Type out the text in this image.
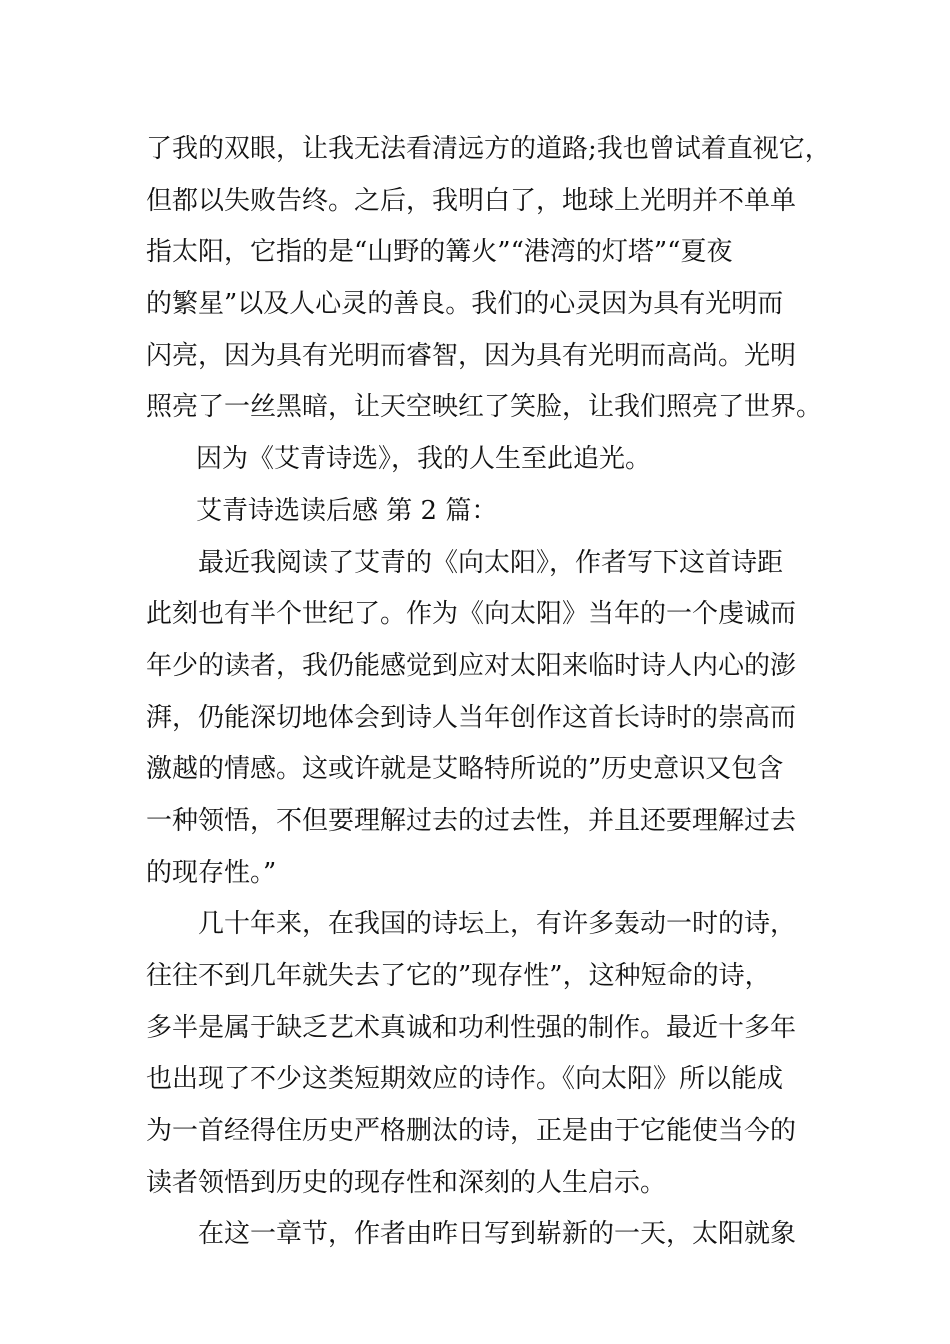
了我的双眼，让我无法看清远方的道路;我也曾试着直视它，
但都以失败告终。之后，我明白了，地球上光明并不单单
指太阳，它指的是“山野的篝火”“港湾的灯塔”“夏夜
的繁星”以及人心灵的善良。我们的心灵因为具有光明而
闪亮，因为具有光明而睿智，因为具有光明而高尚。光明
照亮了一丝黑暗，让天空映红了笑脸，让我们照亮了世界。
因为《艾青诗选》，我的人生至此追光。
艾青诗选读后感 第 2 篇：
最近我阅读了艾青的《向太阳》，作者写下这首诗距
此刻也有半个世纪了。作为《向太阳》当年的一个虔诚而
年少的读者，我仍能感觉到应对太阳来临时诗人内心的澎
湃，仍能深切地体会到诗人当年创作这首长诗时的崇高而
激越的情感。这或许就是艾略特所说的”历史意识又包含
一种领悟，不但要理解过去的过去性，并且还要理解过去
的现存性。”
几十年来，在我国的诗坛上，有许多轰动一时的诗，
往往不到几年就失去了它的”现存性”，这种短命的诗，
多半是属于缺乏艺术真诚和功利性强的制作。最近十多年
也出现了不少这类短期效应的诗作。《向太阳》所以能成
为一首经得住历史严格删汰的诗，正是由于它能使当今的
读者领悟到历史的现存性和深刻的人生启示。
在这一章节，作者由昨日写到崭新的一天，太阳就象
